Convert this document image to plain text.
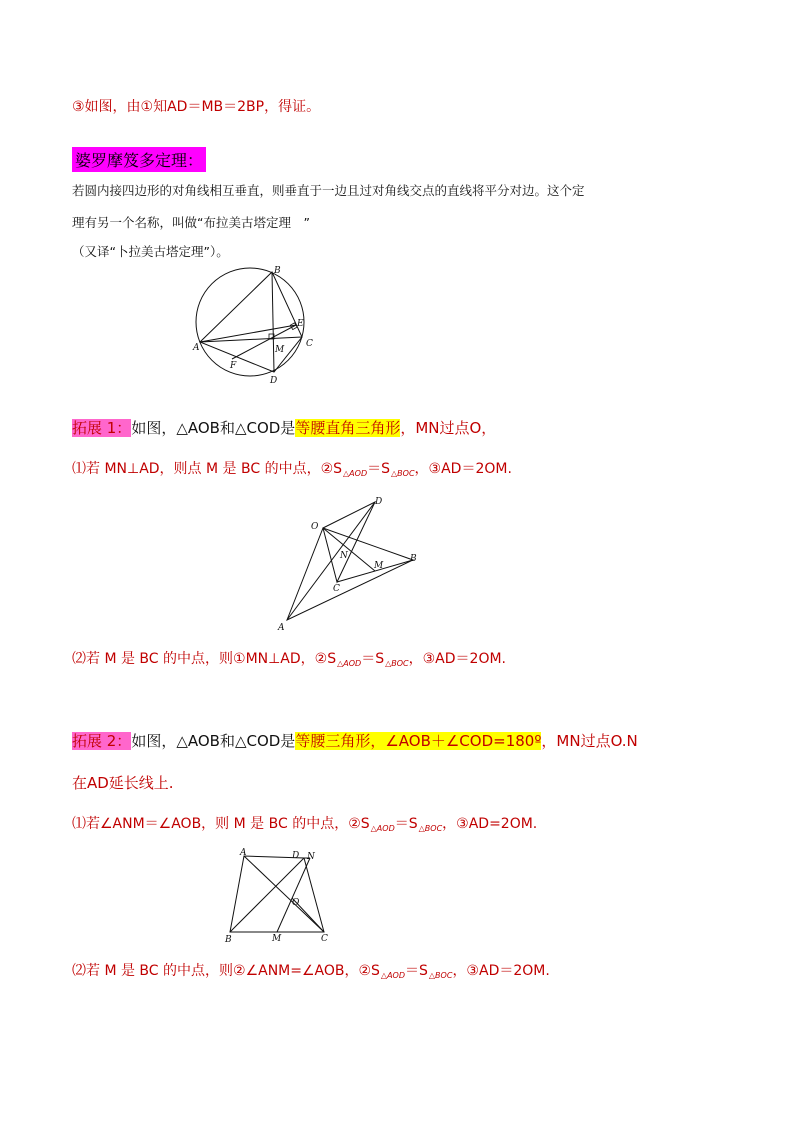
③如图，由①知AD＝MB＝2BP，得证。
婆罗摩笈多定理：
若圆内接四边形的对角线相互垂直，则垂直于一边且过对角线交点的直线将平分对边。这个定
理有另一个名称，叫做“布拉美古塔定理　”
（又译“卜拉美古塔定理”）。
B
E
A	M
C
F
D
拓展 1：如图，△AOB和△COD是等腰直角三角形，MN过点O，
⑴若 MN⊥AD，则点 M 是 BC 的中点，$②S_{\triangle AOD}=S_{\triangle BOC}$，③AD＝2OM.
O
D
N	B
M
C
A
⑵若 M 是 BC 的中点，则①MN⊥AD，$②S_{\triangle AOD}=S_{\triangle BOC}$，③AD＝2OM.
拓展 2：如图，△AOB和△COD是等腰三角形，∠AOB＋∠COD=180º，MN过点O.N
在AD延长线上.
⑴若∠ANM＝∠AOB，则 M 是 BC 的中点，$②S_{\triangle AOD}=S_{\triangle BOC}$，③AD=2OM.
A	D N
O
B	M	C
⑵若 M 是 BC 的中点，则②∠ANM=∠AOB，$②S_{\triangle AOD}=S_{\triangle BOC}$，③AD＝2OM.
